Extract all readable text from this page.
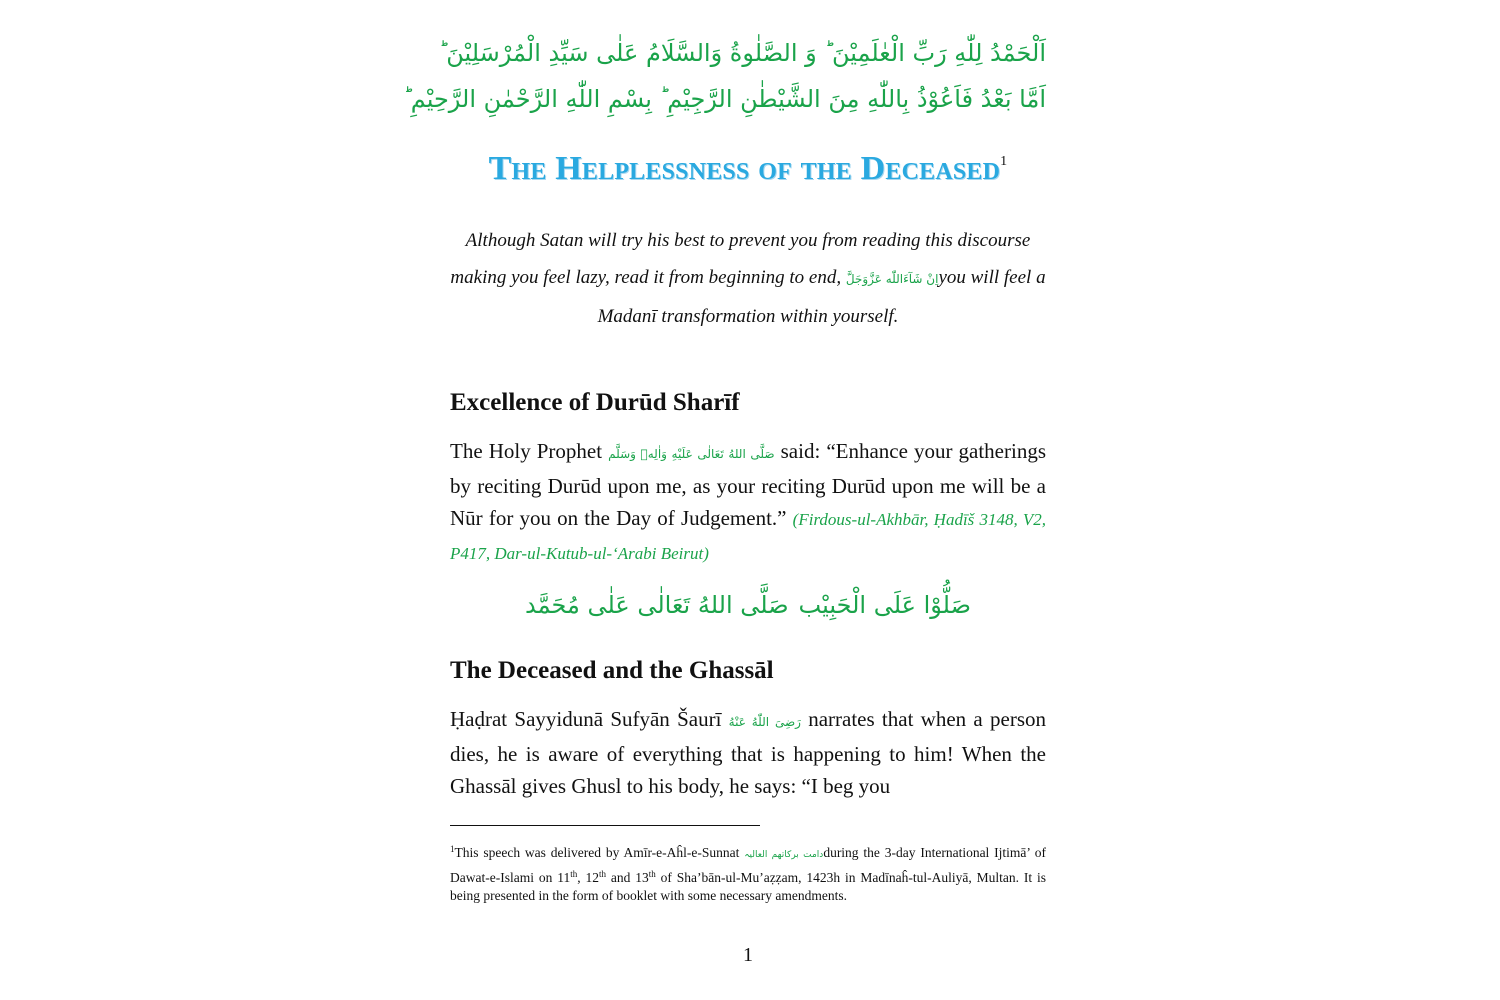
اَلْحَمْدُ لِلّٰهِ رَبِّ الْعٰلَمِیْنَ ؕ وَ الصَّلٰوةُ وَالسَّلَامُ عَلٰی سَیِّدِ الْمُرْسَلِیْنَ ؕ
اَمَّا بَعْدُ فَاَعُوْذُ بِاللّٰهِ مِنَ الشَّیْطٰنِ الرَّجِیْمِ ؕ بِسْمِ اللّٰهِ الرَّحْمٰنِ الرَّحِیْمِ ؕ
The Helplessness of the Deceased$^1$
Although Satan will try his best to prevent you from reading this discourse making you feel lazy, read it from beginning to end, اِنْ شَآءَاللّٰه عَزَّوَجَلَّyou will feel a Madanī transformation within yourself.
Excellence of Durūd Sharīf
The Holy Prophet صَلَّى اللهُ تَعَالٰى عَلَيْهِ وَاٰلِهٖ وَسَلَّم said: “Enhance your gatherings by reciting Durūd upon me, as your reciting Durūd upon me will be a Nūr for you on the Day of Judgement.” (Firdous-ul-Akhbār, Ḥadīš 3148, V2, P417, Dar-ul-Kutub-ul-‘Arabi Beirut)
صَلُّوْا عَلَى الْحَبِيْب
صَلَّى اللهُ تَعَالٰى عَلٰى مُحَمَّد
The Deceased and the Ghassāl
Ḥaḍrat Sayyidunā Sufyān Šaurī رَضِیَ اللّٰهُ عَنْهُ narrates that when a person dies, he is aware of everything that is happening to him! When the Ghassāl gives Ghusl to his body, he says: “I beg you
$^1$This speech was delivered by Amīr-e-Aĥl-e-Sunnat دامت برکاتھم العالیہduring the 3-day International Ijtimā’ of Dawat-e-Islami on 11th, 12th and 13th of Sha’bān-ul-Mu’aẓẓam, 1423h in Madīnaĥ-tul-Auliyā, Multan. It is being presented in the form of booklet with some necessary amendments.
1
